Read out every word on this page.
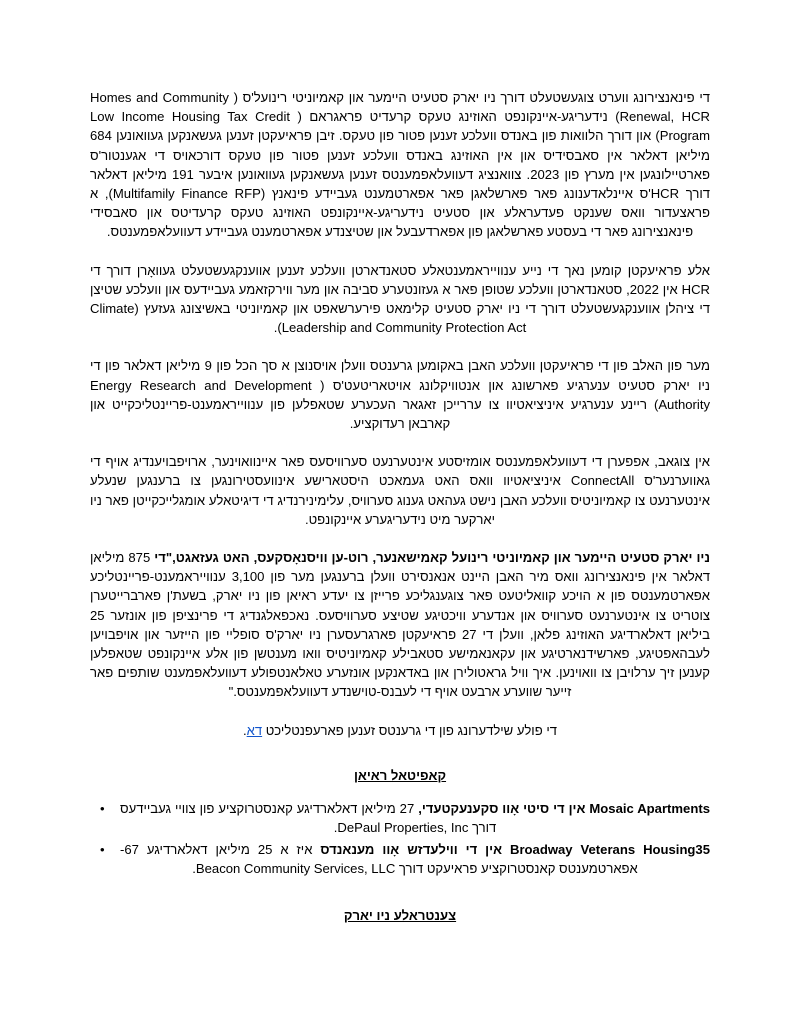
די פינאנצירונג ווערט צוגעשטעלט דורך ניו יארק סטעיט היימער און קאמיוניטי רינועל'ס ( Homes and Community Renewal, HCR) נידעריגע-איינקונפט האוזינג טעקס קרעדיט פראגראם ( Low Income Housing Tax Credit Program) און דורך הלוואות פון באנדס וועלכע זענען פטור פון טעקס. זיבן פראיעקטן זענען געשאנקען געוואונען 684 מיליאן דאלאר אין סאבסידיס און אין האוזינג באנדס וועלכע זענען פטור פון טעקס דורכאויס די אגענטור'ס פארטיילונגען אין מערץ פון 2023. צוואנציג דעוועלאפמענטס זענען געשאנקען געוואונען איבער 191 מיליאן דאלאר דורך HCR'ס איינלאדענונג פאר פארשלאגן פאר אפארטמענט געביידע פינאנץ (Multifamily Finance RFP), א פראצעדור וואס שענקט פעדעראלע און סטעיט נידעריגע-איינקונפט האוזינג טעקס קרעדיטס און סאבסידי פינאנצירונג פאר די בעסטע פארשלאגן פון אפארדעבעל און שטיצנדע אפארטמענט געביידע דעוועלאפמענטס.

אלע פראיעקטן קומען נאך די נייע ענווייראמענטאלע סטאנדארטן וועלכע זענען אווענקגעשטעלט געוואָרן דורך די HCR אין 2022, סטאנדארטן וועלכע שטופן פאר א געזונטערע סביבה און מער ווירקזאמע געביידעס און וועלכע שטיצן די ציהלן אווענקגעשטעלט דורך די ניו יארק סטעיט קלימאט פירערשאפט און קאמיוניטי באשיצונג געזעץ (Climate Leadership and Community Protection Act).

מער פון האלב פון די פראיעקטן וועלכע האבן באקומען גרענטס וועלן אויסנוצן א סך הכל פון 9 מיליאן דאלאר פון די ניו יארק סטעיט ענערגיע פארשונג און אנטוויקלונג אויטאריטעט'ס ( Energy Research and Development Authority) ריינע ענערגיע איניציאטיוו צו עררייכן זאגאר העכערע שטאפלען פון ענווייראמענט-פריינטליכקייט און קארבאן רעדוקציע.

אין צוגאב, אפפערן די דעוועלאפמענטס אומזיסטע אינטערנעט סערוויסעס פאר איינוואוינער, ארויפבויענדיג אויף די גאווערנער'ס ConnectAll איניציאטיוו וואס האט געמאכט היסטארישע אינוועסטירונגען צו ברענגען שנעלע אינטערנעט צו קאמיוניטיס וועלכע האבן נישט געהאט גענוג סערוויס, עלימינירנדיג די דיגיטאלע אומגלייכקייטן פאר ניו יארקער מיט נידעריגערע איינקונפט.

ניו יארק סטעיט היימער און קאמיוניטי רינועל קאמישאנער, רוט-ען וויסנאָסקעס, האט געזאגט,"די 875 מיליאן דאלאר אין פינאנצירונג וואס מיר האבן היינט אנאנסירט וועלן ברענגען מער פון 3,100 ענווייראמענט-פריינטליכע אפארטמענטס פון א הויכע קוואליטעט פאר צוגענגליכע פרייזן צו יעדע ראיאן פון ניו יארק, בשעת'ן פארברייטערן צוטריט צו אינטערנעט סערוויס און אנדערע וויכטיגע שטיצע סערוויסעס. נאכפאלגנדיג די פרינציפן פון אונזער 25 ביליאן דאלארדיגע האוזינג פלאן, וועלן די 27 פראיעקטן פארגרעסערן ניו יארק'ס סופליי פון הייזער און אויפבויען לעבהאפטיגע, פארשידנארטיגע און עקאנאמישע סטאבילע קאמיוניטיס וואו מענטשן פון אלע איינקונפט שטאפלען קענען זיך ערלויבן צו וואוינען. איך וויל גראטולירן און באדאנקען אונזערע טאלאנטפולע דעוועלאפמענט שותפים פאר זייער שווערע ארבעט אויף די לעבנס-טוישנדע דעוועלאפמענטס."

די פולע שילדערונג פון די גרענטס זענען פארעפנטליכט דא.

קאפיטאל ראיאן
•	Mosaic Apartments אין די סיטי אָוו סקענעקטעדי, 27 מיליאן דאלארדיגע קאנסטרוקציע פון צוויי געביידעס דורך DePaul Properties, Inc.
•	Broadway Veterans Housing35 אין די ווילעדזש אָוו מענאנדס איז א 25 מיליאן דאלארדיגע 67-אפארטמענטס קאנסטרוקציע פראיעקט דורך Beacon Community Services, LLC.
צענטראלע ניו יארק
